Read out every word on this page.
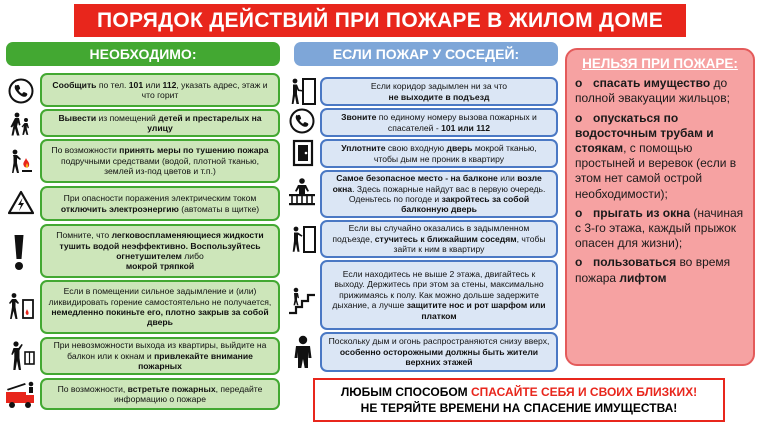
ПОРЯДОК ДЕЙСТВИЙ ПРИ ПОЖАРЕ В ЖИЛОМ ДОМЕ
НЕОБХОДИМО:	ЕСЛИ ПОЖАР У СОСЕДЕЙ:
Сообщить по тел. 101 или 112, указать адрес, этаж и что горит
Вывести из помещений детей и престарелых на улицу
По возможности принять меры по тушению пожара подручными средствами (водой, плотной тканью, землей из-под цветов и т.п.)
При опасности поражения электрическим током отключить электроэнергию (автоматы в щитке)
Помните, что легковоспламеняющиеся жидкости тушить водой неэффективно. Воспользуйтесь огнетушителем либо
мокрой тряпкой
Если в помещении сильное задымление и (или) ликвидировать горение самостоятельно не получается, немедленно покиньте его, плотно закрыв за собой дверь
При невозможности выхода из квартиры, выйдите на балкон или к окнам и привлекайте внимание пожарных
По возможности, встретьте пожарных, передайте информацию о пожаре
Если коридор задымлен ни за что
не выходите в подъезд
Звоните по единому номеру вызова пожарных и спасателей - 101 или 112
Уплотните свою входную дверь мокрой тканью, чтобы дым не проник в квартиру
Самое безопасное место - на балконе или возле окна. Здесь пожарные найдут вас в первую очередь. Оденьтесь по погоде и закройтесь за собой балконную дверь
Если вы случайно оказались в задымленном подъезде, стучитесь к ближайшим соседям, чтобы зайти к ним в квартиру
Если находитесь не выше 2 этажа, двигайтесь к выходу. Держитесь при этом за стены, максимально прижимаясь к полу. Как можно дольше задержите дыхание, а лучше защитите нос и рот шарфом или платком
Поскольку дым и огонь распространяются снизу вверх, особенно осторожными должны быть жители верхних этажей
НЕЛЬЗЯ ПРИ ПОЖАРЕ:
o спасать имущество до полной эвакуации жильцов;
o опускаться по водосточным трубам и стоякам, с помощью простыней и веревок (если в этом нет самой острой необходимости);
o прыгать из окна (начиная с 3-го этажа, каждый прыжок опасен для жизни);
o пользоваться во время пожара лифтом
ЛЮБЫМ СПОСОБОМ СПАСАЙТЕ СЕБЯ И СВОИХ БЛИЗКИХ!
НЕ ТЕРЯЙТЕ ВРЕМЕНИ НА СПАСЕНИЕ ИМУЩЕСТВА!
